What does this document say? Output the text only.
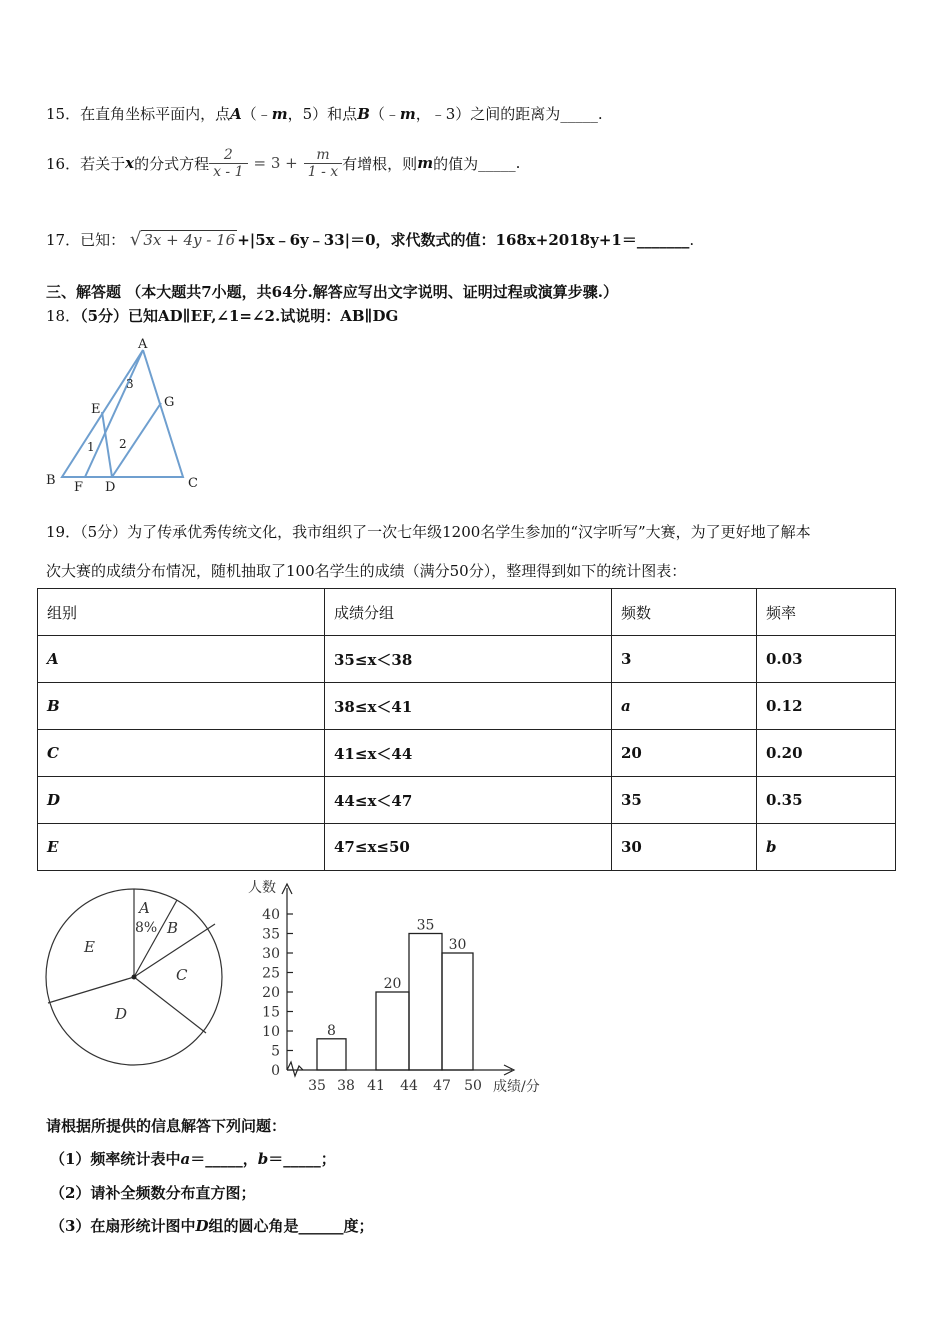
15．在直角坐标平面内，点A（﹣m，5）和点B（﹣m，﹣3）之间的距离为_____.
16． 若关于 x 的分式方程 $\frac{2}{x - 1} = 3 + \frac{m}{1 - x}$ 有增根，则 m 的值为 _____ .
17．已知： √ 3x + 4y - 16 +|5x﹣6y﹣33|＝0，求代数式的值：168x+2018y+1＝_______.
三、解答题 （本大题共7小题，共64分.解答应写出文字说明、证明过程或演算步骤.）
18．（5分）已知AD∥EF,∠1=∠2.试说明：AB∥DG
A
B	C
D
E
F
G
1 2
3
19．（5分）为了传承优秀传统文化，我市组织了一次七年级1200名学生参加的“汉字听写”大赛，为了更好地了解本
次大赛的成绩分布情况，随机抽取了100名学生的成绩（满分50分），整理得到如下的统计图表：
组别	成绩分组	频数	频率
A	35≤x＜38	3	0.03
B	38≤x＜41	a	0.12
C	41≤x＜44	20	0.20
D	44≤x＜47	35	0.35
E	47≤x≤50	30	b
A
8% B
C
D
E
人数
成绩/分
0
5
10
15
20
25
30
35
40
35 38 41 44 47 50
8
20
35
30
请根据所提供的信息解答下列问题：
（1）频率统计表中a＝_____，b＝_____；
（2）请补全频数分布直方图；
（3）在扇形统计图中D组的圆心角是______度；
